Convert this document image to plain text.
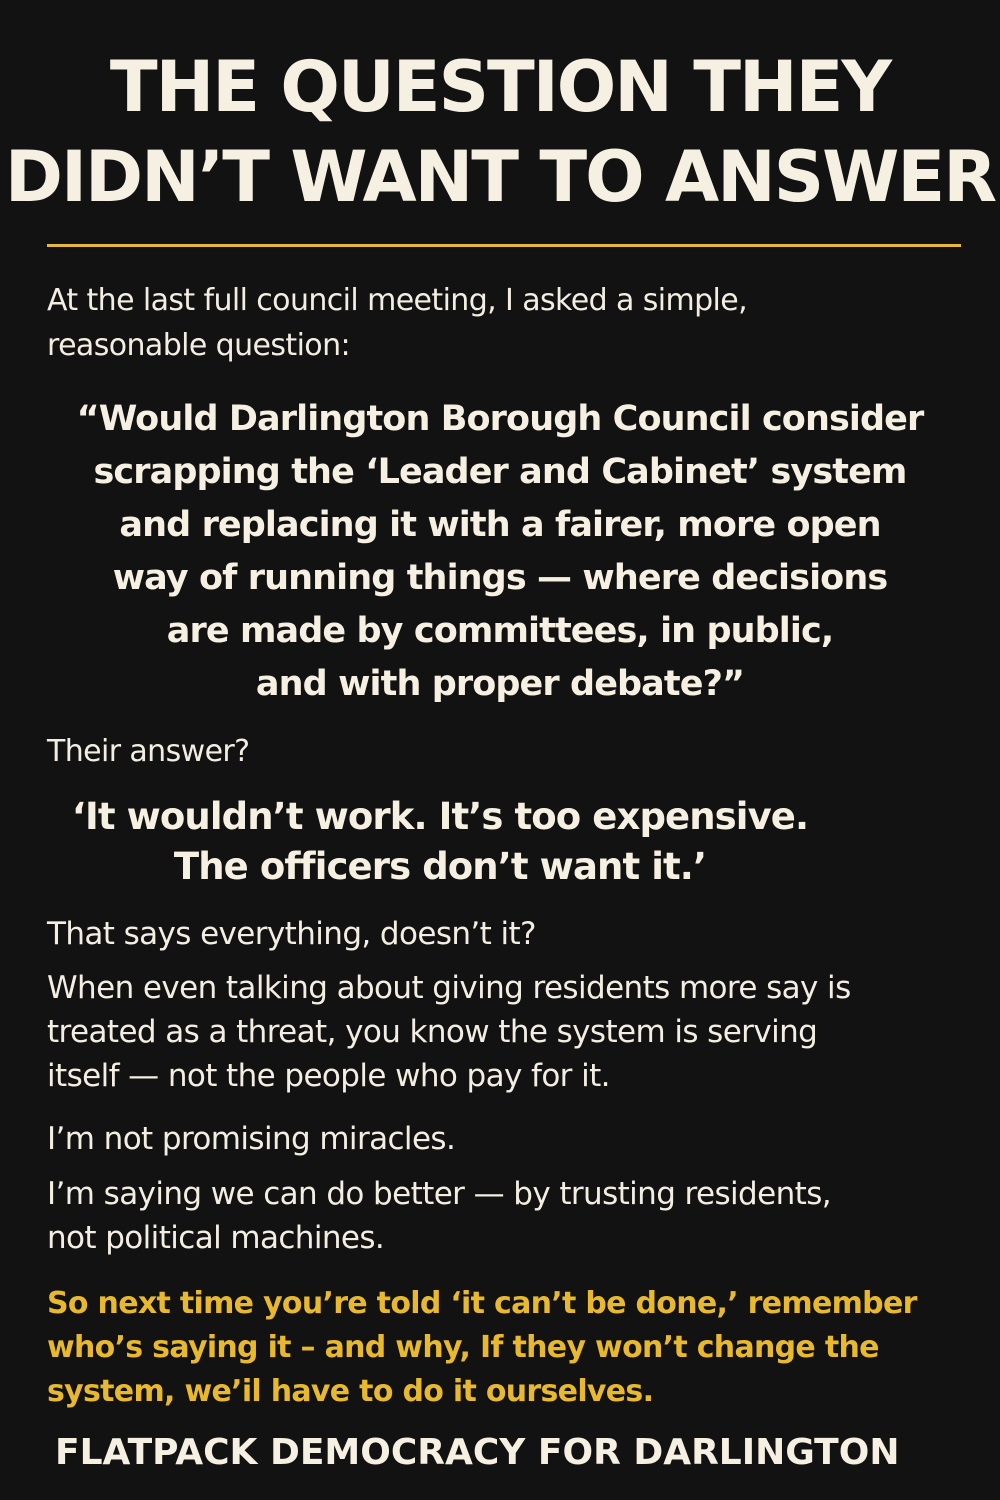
THE QUESTION THEY
DIDN’T WANT TO ANSWER

At the last full council meeting, I asked a simple,
reasonable question:

“Would Darlington Borough Council consider
scrapping the ‘Leader and Cabinet’ system
and replacing it with a fairer, more open
way of running things — where decisions
are made by committees, in public,
and with proper debate?”

Their answer?

‘It wouldn’t work. It’s too expensive.
The officers don’t want it.’

That says everything, doesn’t it?

When even talking about giving residents more say is
treated as a threat, you know the system is serving
itself — not the people who pay for it.

I’m not promising miracles.

I’m saying we can do better — by trusting residents,
not political machines.

So next time you’re told ‘it can’t be done,’ remember
who’s saying it – and why, If they won’t change the
system, we’il have to do it ourselves.

FLATPACK DEMOCRACY FOR DARLINGTON
